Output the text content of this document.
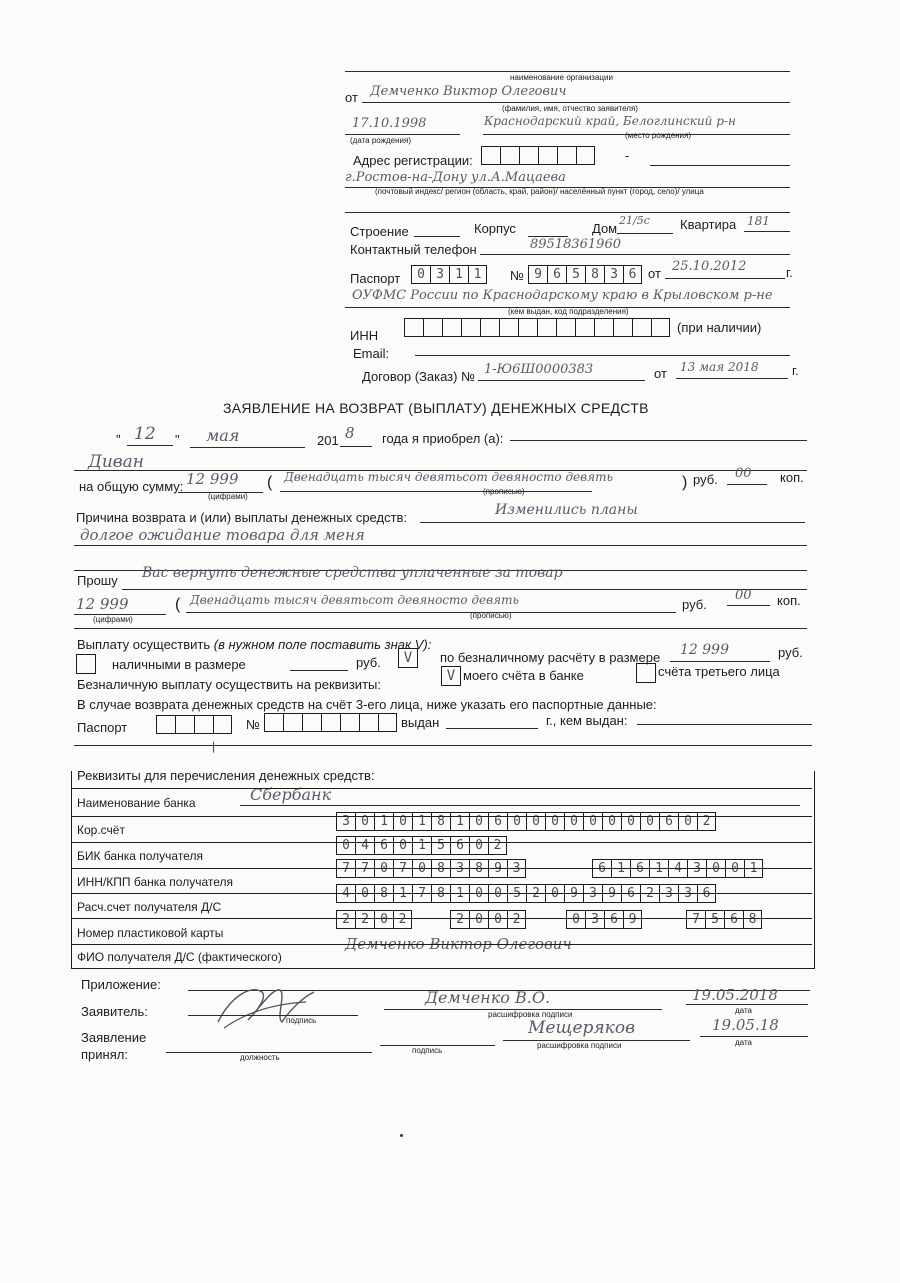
наименование организации
от Демченко Виктор Олегович
(фамилия, имя, отчество заявителя)
17.10.1998
(дата рождения)
Краснодарский край, Белоглинский р-н
(место рождения)
Адрес регистрации:	-
г.Ростов-на-Дону ул.А.Мацаева
(почтовый индекс/ регион (область, край, район)/ населённый пункт (город, село)/ улица
Строение	Корпус	Дом
21/5с Квартира 181
Контактный телефон	89518361960
Паспорт	0 3 1 1	№ 9 6 5 8 3 6 от 25.10.2012	г.
ОУФМС России по Краснодарскому краю в Крыловском р-не
(кем выдан, код подразделения)
ИНН
(при наличии)
Email:
Договор (Заказ) № 1-Ю6Ш0000383	от 13 мая 2018	г.
ЗАЯВЛЕНИЕ НА ВОЗВРАТ (ВЫПЛАТУ) ДЕНЕЖНЫХ СРЕДСТВ
" 12 " мая	201 8 года я приобрел (а):
Диван
на общую сумму: 12 999 ( Двенадцать тысяч девятьсот девяносто девять	) руб. 00 коп.
(цифрами)
(прописью)
Причина возврата и (или) выплаты денежных средств:	Изменились планы
долгое ожидание товара для меня
Прошу Вас вернуть денежные средства уплаченные за товар
12 999	( Двенадцать тысяч девятьсот девяносто девять	руб.
00 коп.
(цифрами)	(прописью)
Выплату осуществить (в нужном поле поставить знак V):
наличными в размере	руб.	V	по безналичному расчёту в размере 12 999	руб.
Безналичную выплату осуществить на реквизиты:
V моего счёта в банке	счёта третьего лица
В случае возврата денежных средств на счёт 3-его лица, ниже указать его паспортные данные:
Паспорт	№	выдан	г., кем выдан:
❘
Реквизиты для перечисления денежных средств:
Наименование банка	Сбербанк
Кор.счёт
3 0 1 0 1 8 1 0 6 0 0 0 0 0 0 0 0 6 0 2
БИК банка получателя
0 4 6 0 1 5 6 0 2
ИНН/КПП банка получателя
7 7 0 7 0 8 3 8 9 3	6 1 6 1 4 3 0 0 1
Расч.счет получателя Д/С
4 0 8 1 7 8 1 0 0 5 2 0 9 3 9 6 2 3 3 6
Номер пластиковой карты
2 2 0 2	2 0 0 2	0 3 6 9	7 5 6 8
ФИО получателя Д/С (фактического)
Демченко Виктор Олегович
Приложение:
Заявитель:
подпись
Демченко В.О.
расшифровка подписи
19.05.2018
дата
Заявление
принял:	должность
подпись
Мещеряков
расшифровка подписи
19.05.18
дата
